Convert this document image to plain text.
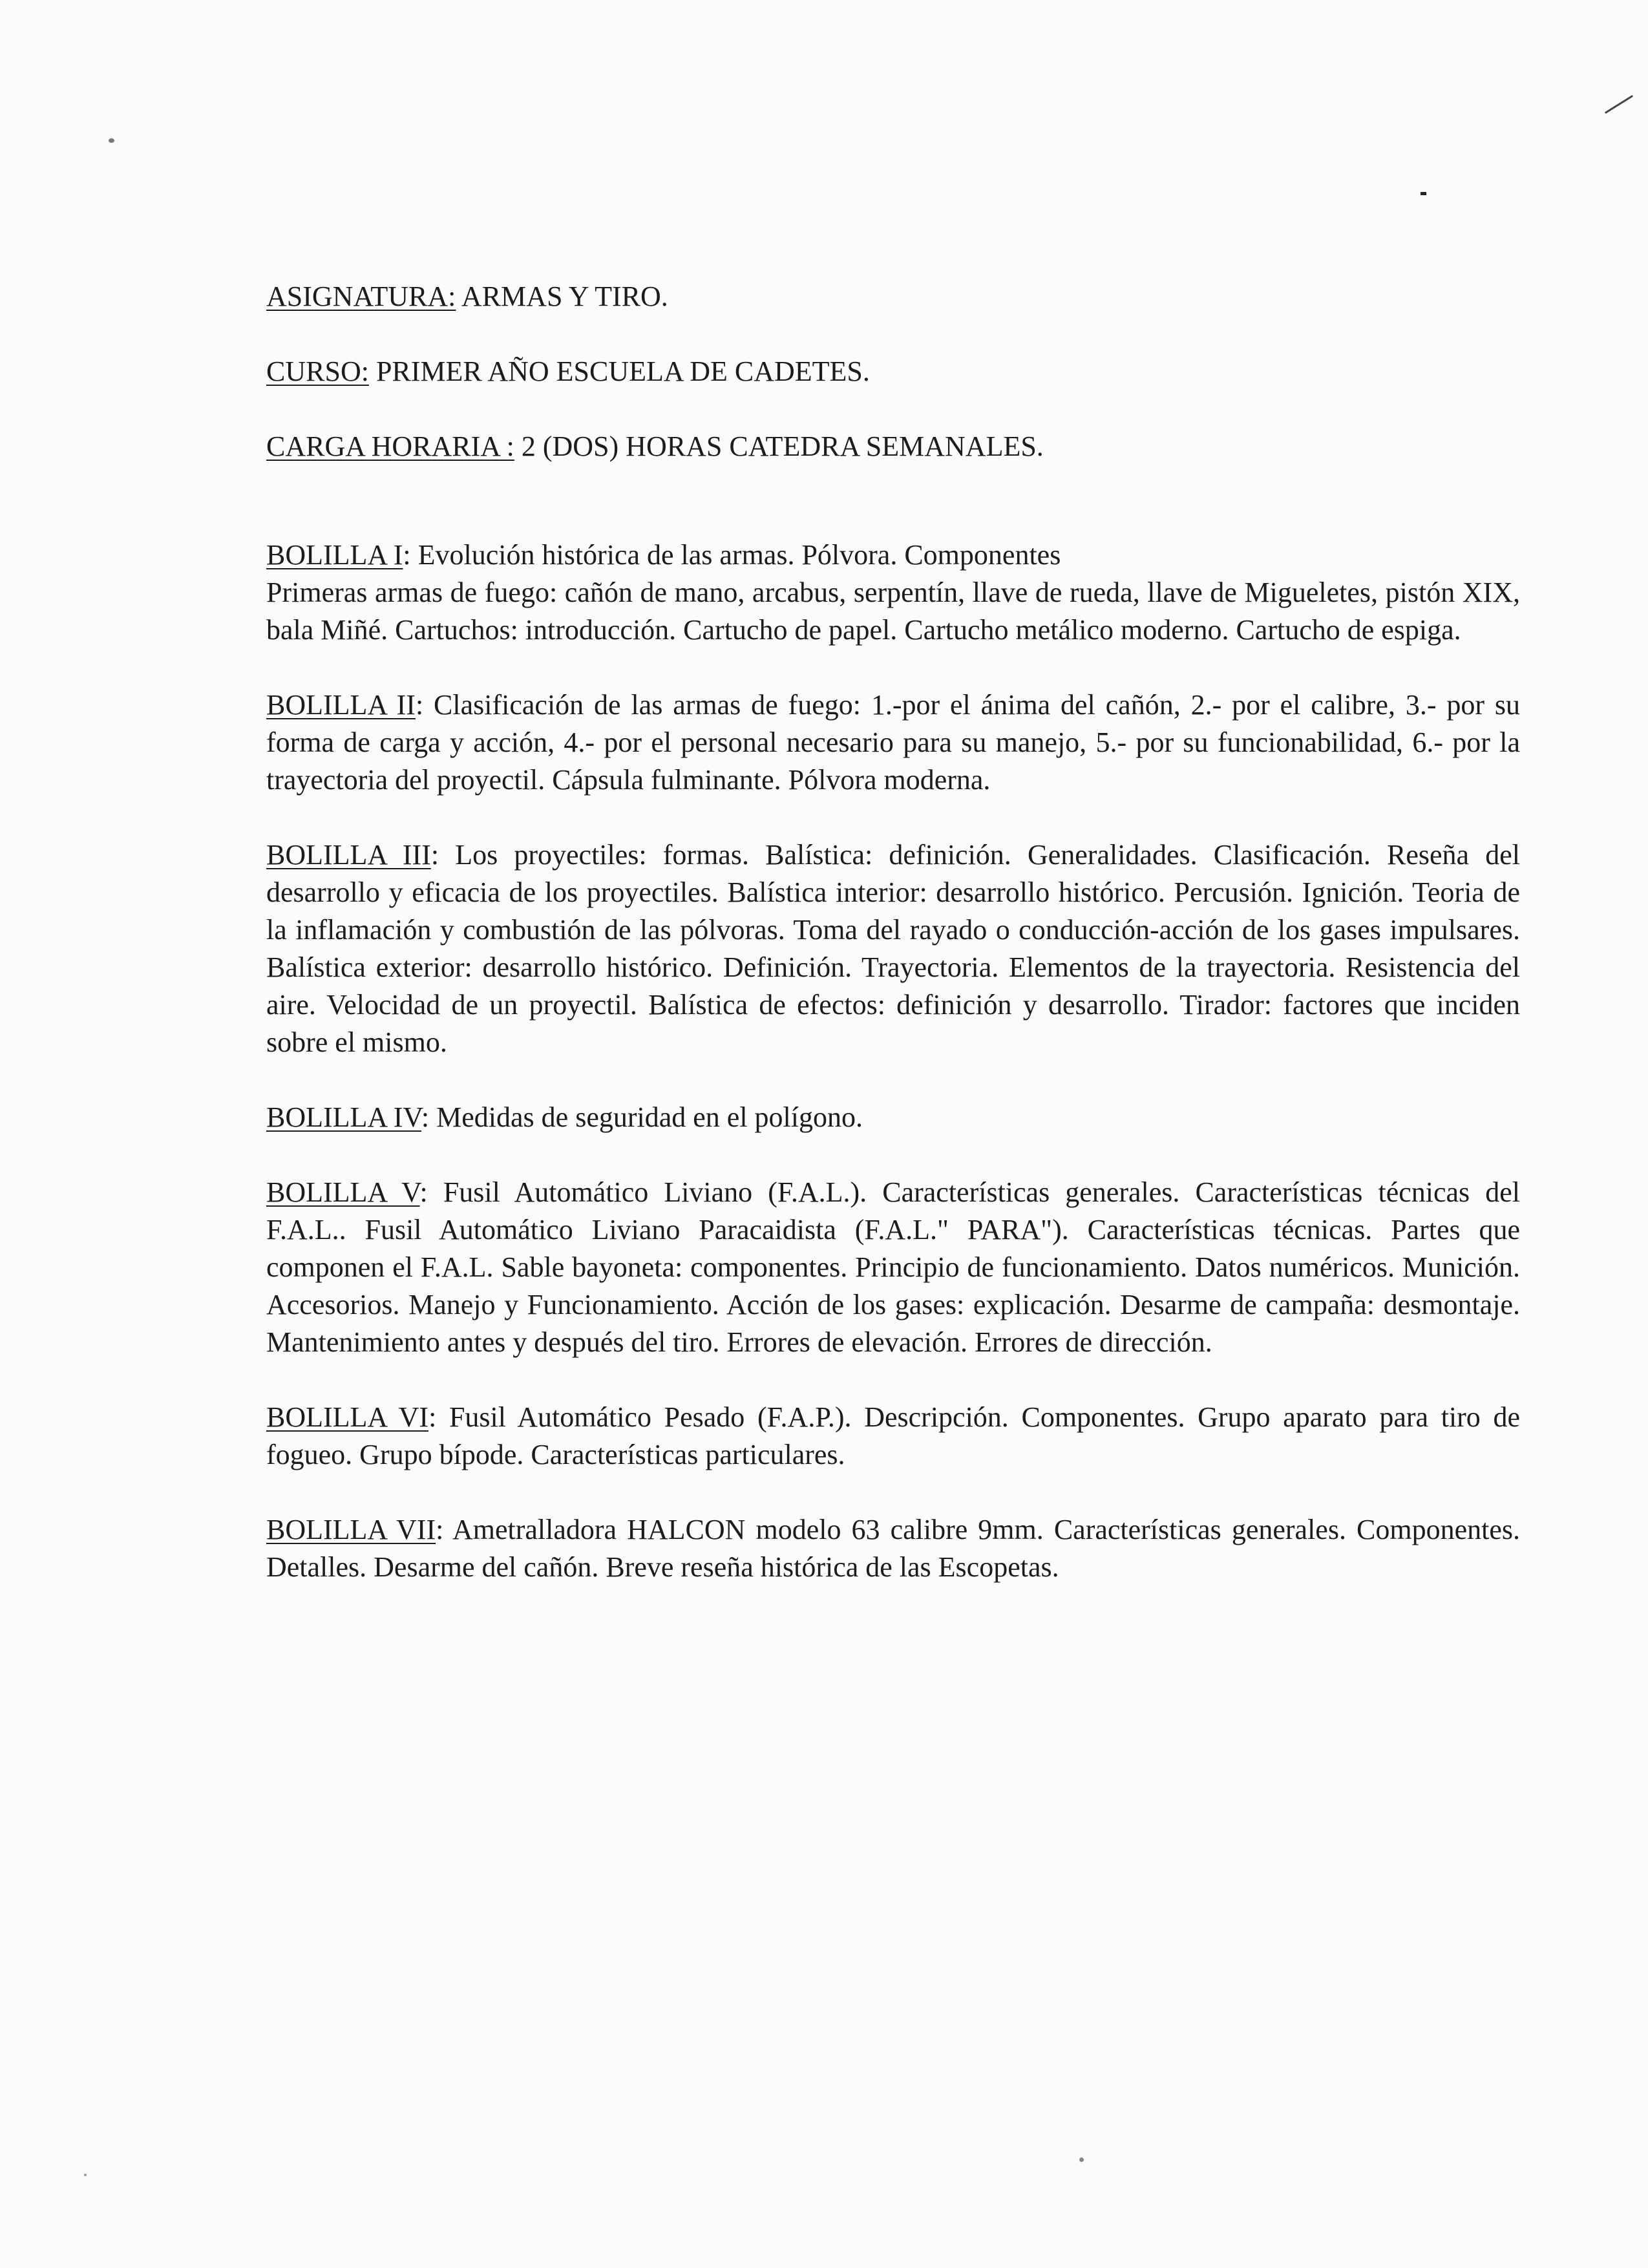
ASIGNATURA: ARMAS Y TIRO.

CURSO: PRIMER AÑO ESCUELA DE CADETES.

CARGA HORARIA : 2 (DOS) HORAS CATEDRA SEMANALES.

BOLILLA I: Evolución histórica de las armas. Pólvora. Componentes
Primeras armas de fuego: cañón de mano, arcabus, serpentín, llave de rueda, llave de Migueletes, pistón XIX, bala Miñé. Cartuchos: introducción. Cartucho de papel. Cartucho metálico moderno. Cartucho de espiga.

BOLILLA II: Clasificación de las armas de fuego: 1.-por el ánima del cañón, 2.- por el calibre, 3.- por su forma de carga y acción, 4.- por el personal necesario para su manejo, 5.- por su funcionabilidad, 6.- por la trayectoria del proyectil. Cápsula fulminante. Pólvora moderna.

BOLILLA III: Los proyectiles: formas. Balística: definición. Generalidades. Clasificación. Reseña del desarrollo y eficacia de los proyectiles. Balística interior: desarrollo histórico. Percusión. Ignición. Teoria de la inflamación y combustión de las pólvoras. Toma del rayado o conducción-acción de los gases impulsares. Balística exterior: desarrollo histórico. Definición. Trayectoria. Elementos de la trayectoria. Resistencia del aire. Velocidad de un proyectil. Balística de efectos: definición y desarrollo. Tirador: factores que inciden sobre el mismo.

BOLILLA IV: Medidas de seguridad en el polígono.

BOLILLA V: Fusil Automático Liviano (F.A.L.). Características generales. Características técnicas del F.A.L.. Fusil Automático Liviano Paracaidista (F.A.L." PARA"). Características técnicas. Partes que componen el F.A.L. Sable bayoneta: componentes. Principio de funcionamiento. Datos numéricos. Munición. Accesorios. Manejo y Funcionamiento. Acción de los gases: explicación. Desarme de campaña: desmontaje. Mantenimiento antes y después del tiro. Errores de elevación. Errores de dirección.

BOLILLA VI: Fusil Automático Pesado (F.A.P.). Descripción. Componentes. Grupo aparato para tiro de fogueo. Grupo bípode. Características particulares.

BOLILLA VII: Ametralladora HALCON modelo 63 calibre 9mm. Características generales. Componentes. Detalles. Desarme del cañón. Breve reseña histórica de las Escopetas.
